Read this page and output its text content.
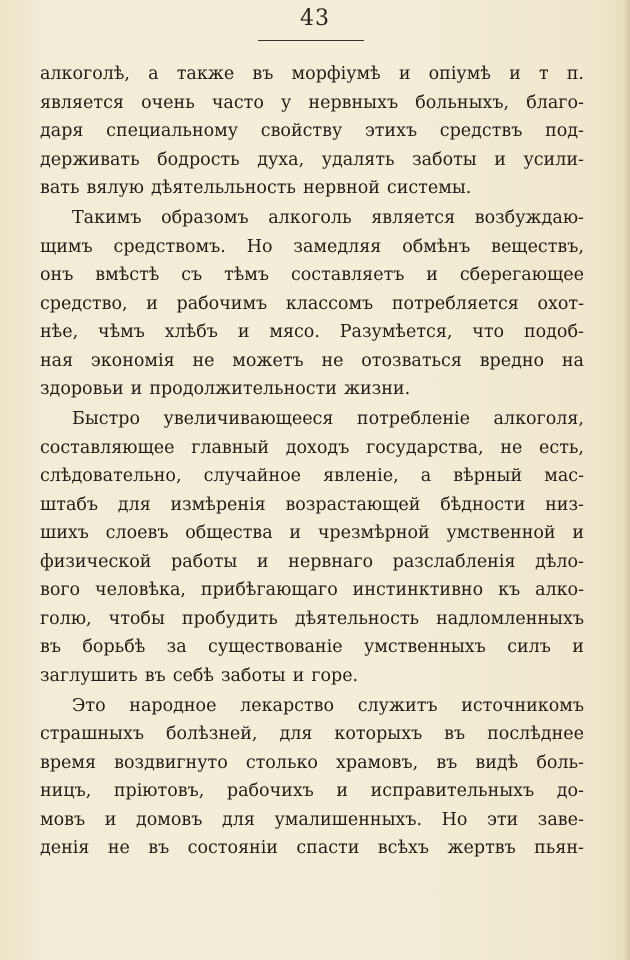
43
алкоголѣ, а также въ морфiумѣ и опiумѣ и т п.
является очень часто у нервныхъ больныхъ, благо-
даря специальному свойству этихъ средствъ под-
держивать бодрость духа, удалять заботы и усили-
вать вялую дѣятельльность нервной системы.
Такимъ образомъ алкоголь является возбуждаю-
щимъ средствомъ. Но замедляя обмѣнъ веществъ,
онъ вмѣстѣ съ тѣмъ составляетъ и сберегающее
средство, и рабочимъ классомъ потребляется охот-
нѣе, чѣмъ хлѣбъ и мясо. Разумѣется, что подоб-
ная экономiя не можетъ не отозваться вредно на
здоровьи и продолжительности жизни.
Быстро увеличивающееся потребленiе алкоголя,
составляющее главный доходъ государства, не есть,
слѣдовательно, случайное явленiе, а вѣрный мас-
штабъ для измѣренiя возрастающей бѣдности низ-
шихъ слоевъ общества и чрезмѣрной умственной и
физической работы и нервнаго разслабленiя дѣло-
вого человѣка, прибѣгающаго инстинктивно къ алко-
голю, чтобы пробудить дѣятельность надломленныхъ
въ борьбѣ за существованiе умственныхъ силъ и
заглушить въ себѣ заботы и горе.
Это народное лекарство служитъ источникомъ
страшныхъ болѣзней, для которыхъ въ послѣднее
время воздвигнуто столько храмовъ, въ видѣ боль-
ницъ, прiютовъ, рабочихъ и исправительныхъ до-
мовъ и домовъ для умалишенныхъ. Но эти заве-
денiя не въ состоянiи спасти всѣхъ жертвъ пьян-
